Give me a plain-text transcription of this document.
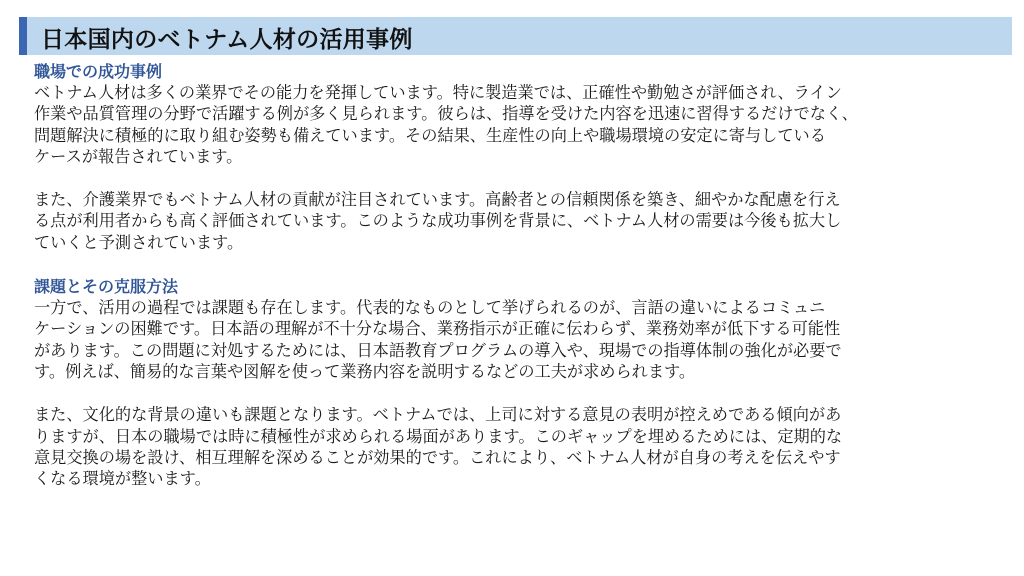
日本国内のベトナム人材の活用事例
職場での成功事例
ベトナム人材は多くの業界でその能力を発揮しています。特に製造業では、正確性や勤勉さが評価され、ライン
作業や品質管理の分野で活躍する例が多く見られます。彼らは、指導を受けた内容を迅速に習得するだけでなく、
問題解決に積極的に取り組む姿勢も備えています。その結果、生産性の向上や職場環境の安定に寄与している
ケースが報告されています。
また、介護業界でもベトナム人材の貢献が注目されています。高齢者との信頼関係を築き、細やかな配慮を行え
る点が利用者からも高く評価されています。このような成功事例を背景に、ベトナム人材の需要は今後も拡大し
ていくと予測されています。
課題とその克服方法
一方で、活用の過程では課題も存在します。代表的なものとして挙げられるのが、言語の違いによるコミュニ
ケーションの困難です。日本語の理解が不十分な場合、業務指示が正確に伝わらず、業務効率が低下する可能性
があります。この問題に対処するためには、日本語教育プログラムの導入や、現場での指導体制の強化が必要で
す。例えば、簡易的な言葉や図解を使って業務内容を説明するなどの工夫が求められます。
また、文化的な背景の違いも課題となります。ベトナムでは、上司に対する意見の表明が控えめである傾向があ
りますが、日本の職場では時に積極性が求められる場面があります。このギャップを埋めるためには、定期的な
意見交換の場を設け、相互理解を深めることが効果的です。これにより、ベトナム人材が自身の考えを伝えやす
くなる環境が整います。
